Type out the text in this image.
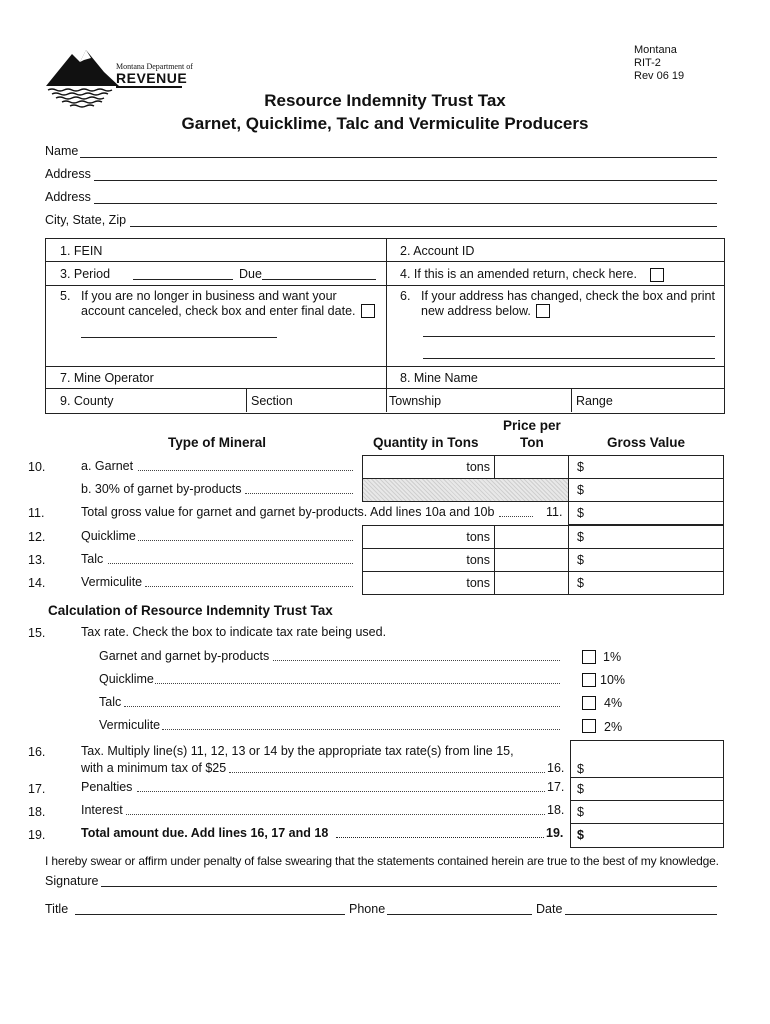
Montana Department of
REVENUE
Montana
RIT-2
Rev 06 19
Resource Indemnity Trust Tax
Garnet, Quicklime, Talc and Vermiculite Producers
Name
Address
Address
City, State, Zip
1. FEIN	2. Account ID
3. Period	Due	4. If this is an amended return, check here.
5. If you are no longer in business and want your
account canceled, check box and enter final date.
6. If your address has changed, check the box and print
new address below.
7. Mine Operator	8. Mine Name
9. County	Section	Township	Range
Type of Mineral	Quantity in Tons
Price per
Ton	Gross Value
10.	a. Garnet	tons	$
b. 30% of garnet by-products	$
11.	Total gross value for garnet and garnet by-products. Add lines 10a and 10b	11. $
12.	Quicklime	tons	$
13.	Talc	tons	$
14.	Vermiculite	tons	$
Calculation of Resource Indemnity Trust Tax
15.	Tax rate. Check the box to indicate tax rate being used.
Garnet and garnet by-products	1%
Quicklime	10%
Talc	4%
Vermiculite	2%
16.	Tax. Multiply line(s) 11, 12, 13 or 14 by the appropriate tax rate(s) from line 15,
with a minimum tax of $25	16. $
17.	Penalties	17. $
18.	Interest	18. $
19.	Total amount due. Add lines 16, 17 and 18	19. $
I hereby swear or affirm under penalty of false swearing that the statements contained herein are true to the best of my knowledge.
Signature
Title	Phone	Date
